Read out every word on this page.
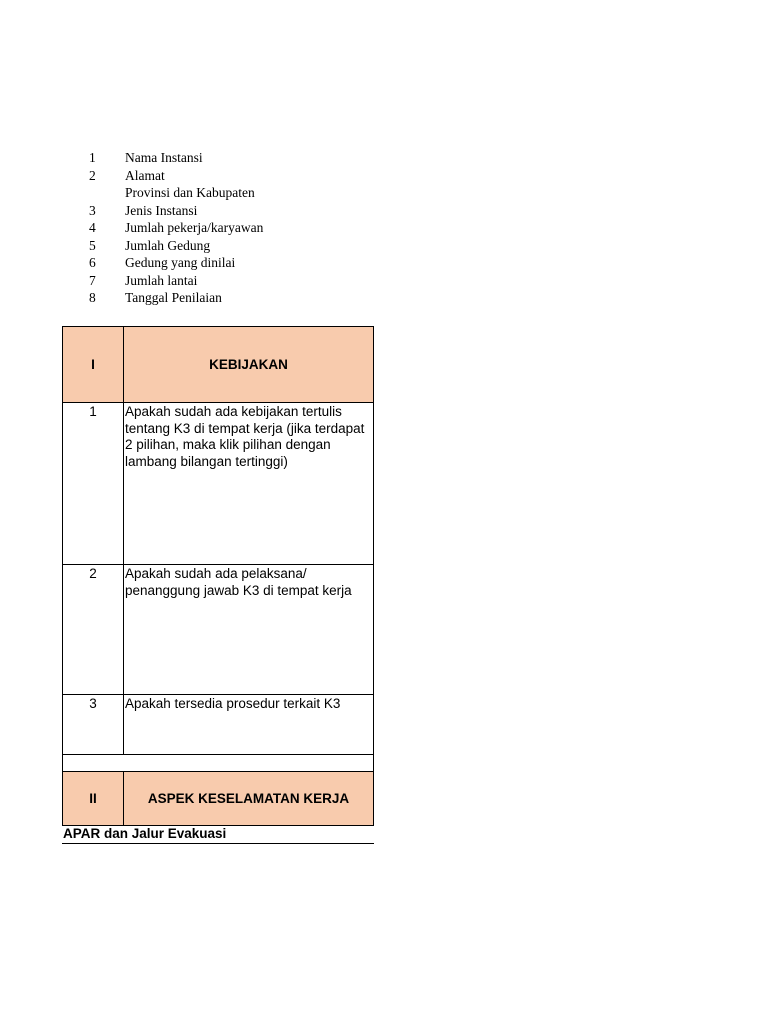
1	Nama Instansi
2	Alamat
Provinsi dan Kabupaten
3	Jenis Instansi
4	Jumlah pekerja/karyawan
5	Jumlah Gedung
6	Gedung yang dinilai
7	Jumlah lantai
8	Tanggal Penilaian
I	KEBIJAKAN
1	Apakah sudah ada kebijakan tertulis tentang K3 di tempat kerja (jika terdapat 2 pilihan, maka klik pilihan dengan lambang bilangan tertinggi)
2	Apakah sudah ada pelaksana/ penanggung jawab K3 di tempat kerja
3	Apakah tersedia prosedur terkait K3
II	ASPEK KESELAMATAN KERJA
APAR dan Jalur Evakuasi
